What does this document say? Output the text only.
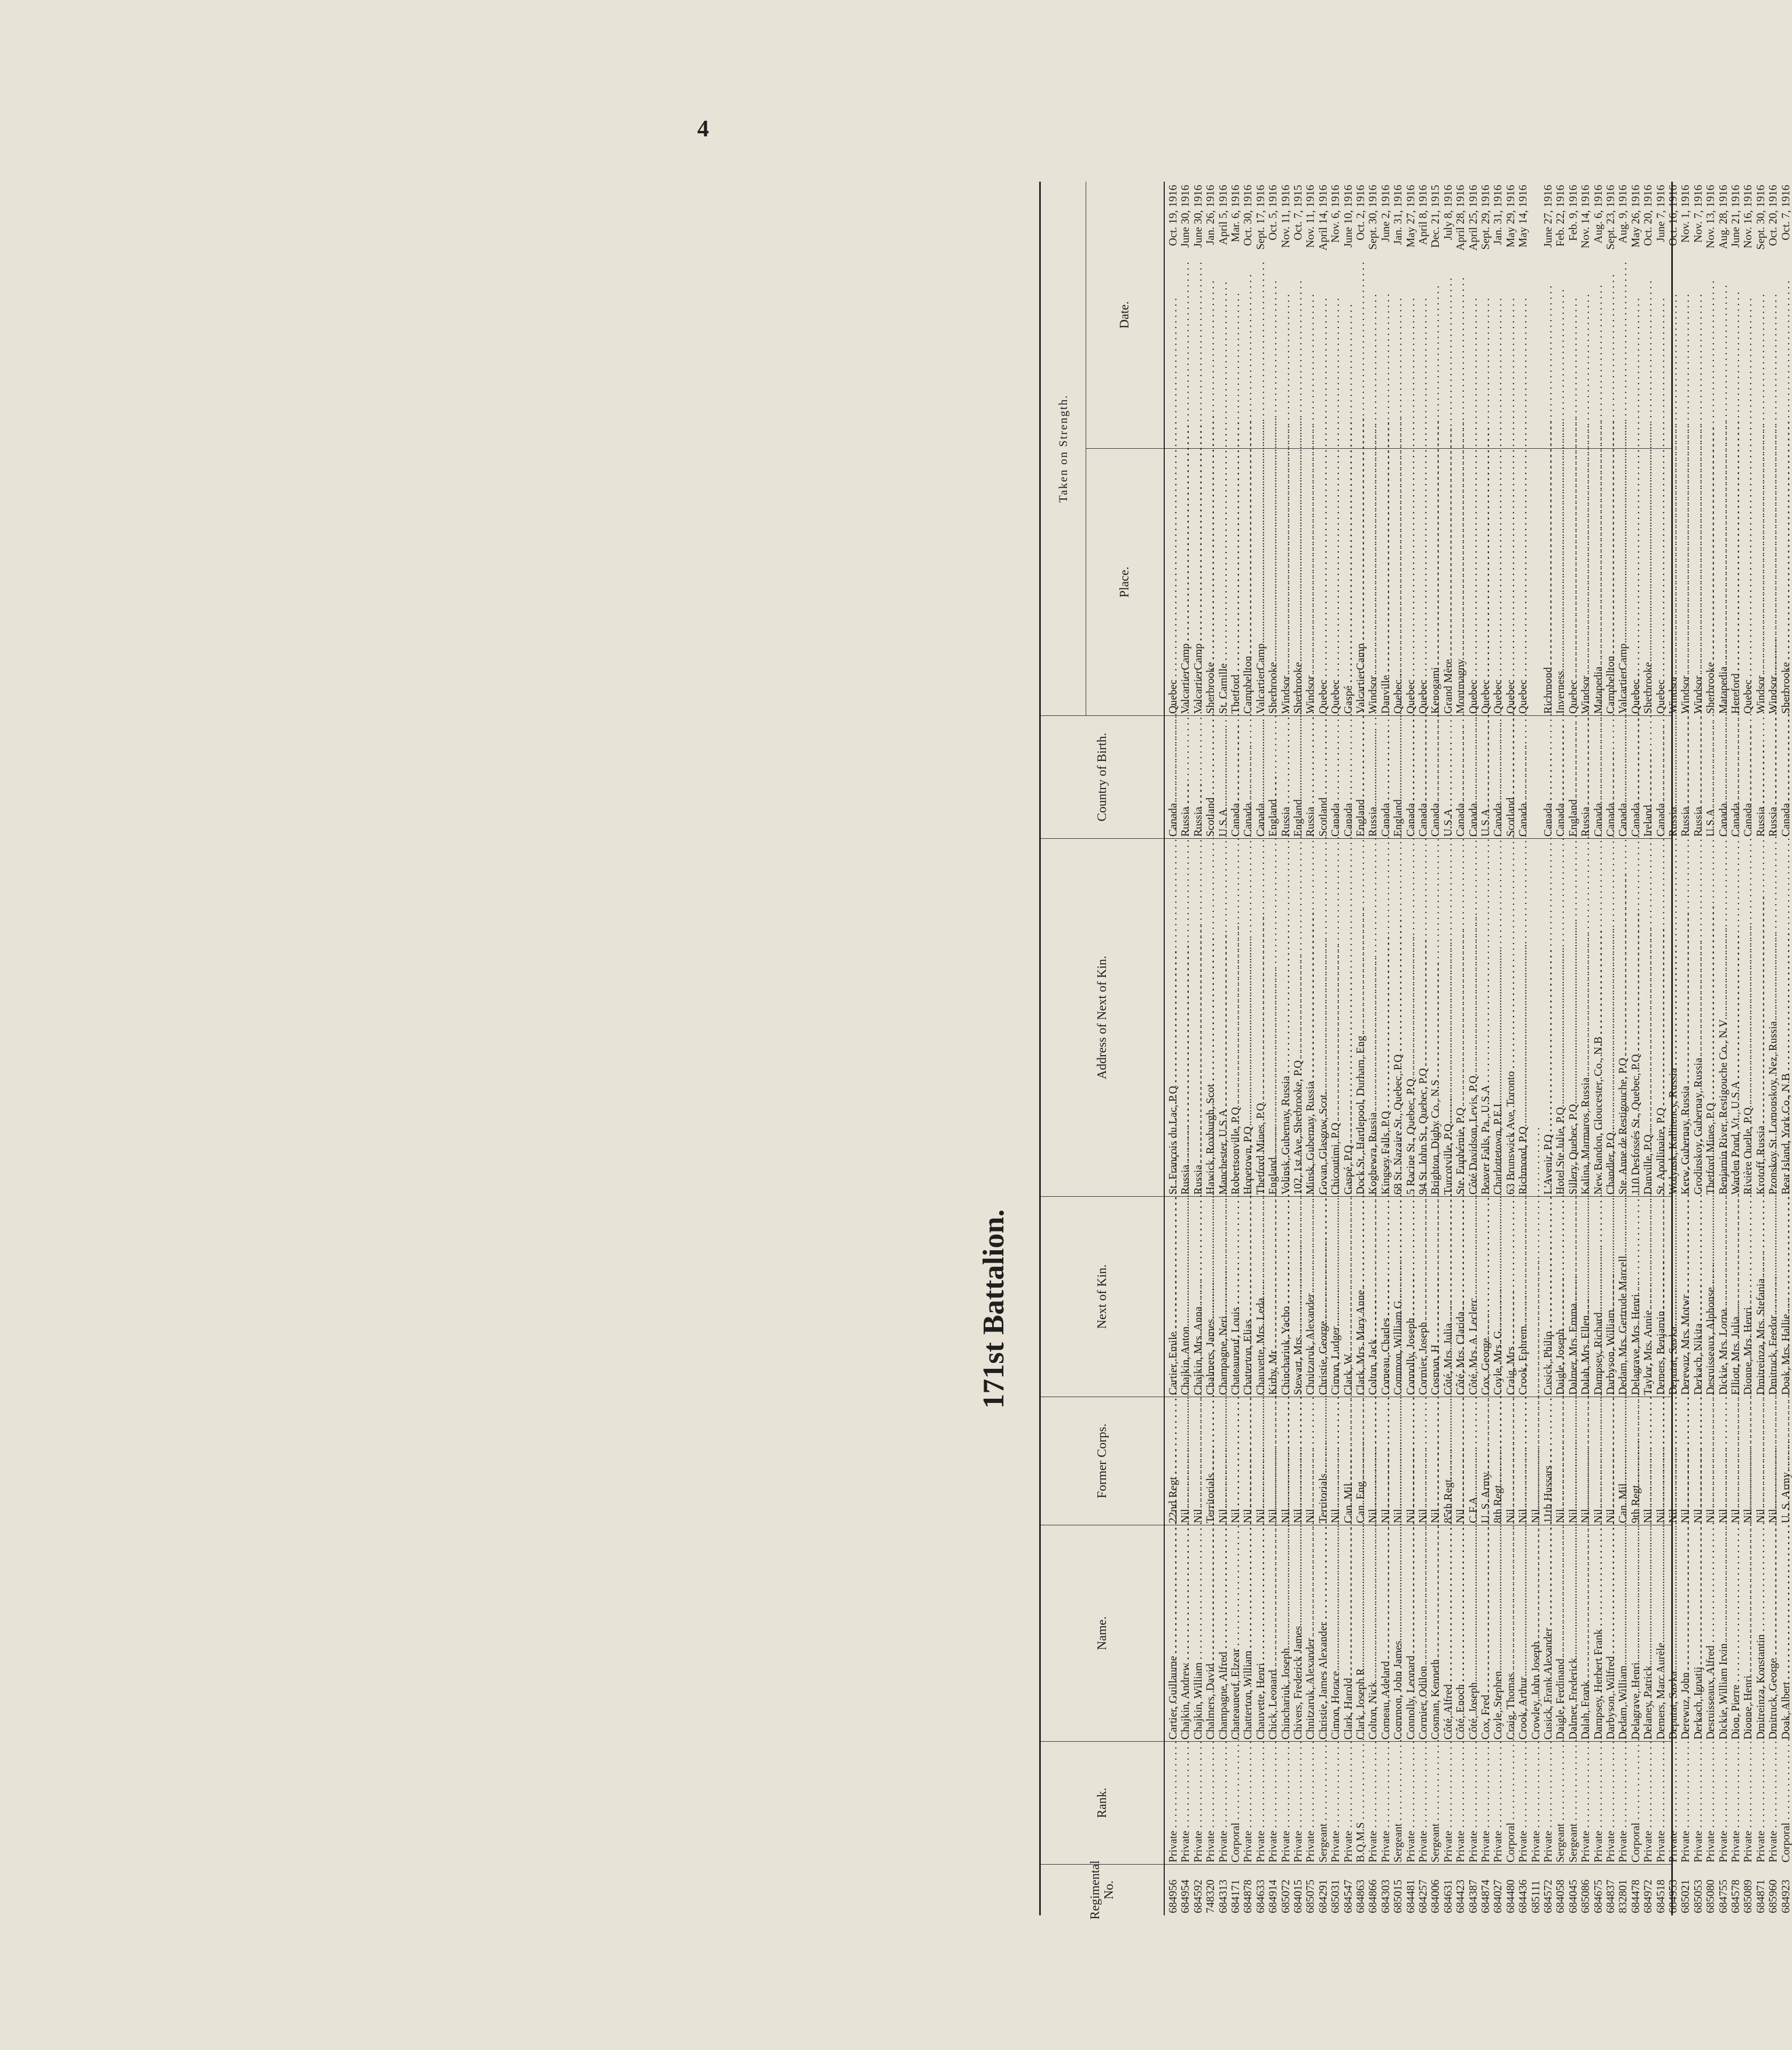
4
171st Battalion.
Regimental No.
Rank.
Name.
Former Corps.
Next of Kin.
Address of Next of Kin.
Country of Birth.
Taken on Strength.
Place.
Date.
684956
Private . . .
Cartier, Guillaume . . .
22nd Regt . . .
Cartier, Emile . . .
St. François du Lac, P.Q . . .
Canada . . .
Quebec . . .
Oct. 19, 1916
684954
Private . . .
Chajkin, Andrew . . .
Nil . . .
Chajkin, Anton . . .
Russia . . .
Russia . . .
ValcartierCamp . . .
June 30, 1916
684592
Private . . .
Chajkin, William . . .
Nil . . .
Chajkin, Mrs. Anna . . .
Russia . . .
Russia . . .
ValcartierCamp . . .
June 30, 1916
748320
Private . . .
Chalmers, David . . .
Territorials . . .
Chalmers, James . . .
Hawick, Roxburgh, Scot . . .
Scotland . . .
Sherbrooke . . .
Jan. 26, 1916
684313
Private . . .
Champagne, Alfred . . .
Nil . . .
Champagne, Neri . . .
Manchester, U.S.A . . .
U.S.A . . .
St. Camille . . .
April 5, 1916
684171
Corporal . . .
Chateauneuf, Elzear . . .
Nil . . .
Chateauneuf, Louis . . .
Robertsonville, P.Q . . .
Canada . . .
Thetford . . .
Mar. 6, 1916
684878
Private . . .
Chatterton, William . . .
Nil . . .
Chatterton, Elias . . .
Hopetown, P.Q . . .
Canada . . .
Campbellton . . .
Oct. 30, 1916
684633
Private . . .
Chauvette, Henri . . .
Nil . . .
Chauvette, Mrs. Leda . . .
Thetford Mines, P.Q . . .
Canada . . .
ValcartierCamp . . .
Sept. 17, 1916
684914
Private . . .
Chick, Leonard . . .
Nil . . .
Kirby, Mr . . .
England . . .
England . . .
Sherbrooke . . .
Oct. 5, 1916
685072
Private . . .
Chinchariuk, Joseph . . .
Nil . . .
Chinchariuk, Yacho . . .
Volinsk, Gubernay, Russia . . .
Russia . . .
Windsor . . .
Nov. 11, 1916
684015
Private . . .
Chivers, Frederick James . . .
Nil . . .
Stewart, Mrs . . .
102, 1st Ave, Sherbrooke, P.Q . . .
England . . .
Sherbrooke . . .
Oct. 7, 1915
685075
Private . . .
Chnitzaruk, Alexander . . .
Nil . . .
Chnitzaruk, Alexander . . .
Minsk, Gubernay, Russia . . .
Russia . . .
Windsor . . .
Nov. 11, 1916
684291
Sergeant . . .
Christie, James Alexander . . .
Territorials . . .
Christie, George . . .
Govan, Glasgow, Scot . . .
Scotland . . .
Quebec . . .
April 14, 1916
685031
Private . . .
Cimon, Horace . . .
Nil . . .
Cimon, Ludger . . .
Chicoutimi, P.Q . . .
Canada . . .
Quebec . . .
Nov. 6, 1916
684547
Private . . .
Clark, Harold . . .
Can. Mil . . .
Clark, W. . . .
Gaspé, P.Q . . .
Canada . . .
Gaspé . . .
June 10, 1916
684863
B.Q.M.S . . .
Clark, Joseph R . . .
Can. Eng . . .
Clark, Mrs. Mary Anne . . .
Dock St., Hartlepool, Durham, Eng . . .
England . . .
ValcartierCamp . . .
Oct. 2, 1916
684866
Private . . .
Colton, Nick . . .
Nil . . .
Colton, Jack . . .
Koghewra, Russia . . .
Russia . . .
Windsor . . .
Sept. 30, 1916
684303
Private . . .
Comeau, Adelard . . .
Nil . . .
Comeau, Charles . . .
Kingsey Falls, P.Q . . .
Canada . . .
Danville . . .
June 2, 1916
685015
Sergeant . . .
Common, John James . . .
Nil . . .
Common, William G . . .
68 St. Nazaire St., Quebec, P.Q . . .
England . . .
Quebec . . .
Jan. 31, 1916
684481
Private . . .
Connolly, Leonard . . .
Nil . . .
Connolly, Joseph . . .
5 Racine St., Quebec, P.Q . . .
Canada . . .
Quebec . . .
May 27, 1916
684257
Private . . .
Cormier, Odilon . . .
Nil . . .
Cormier, Joseph . . .
94 St. John St., Quebec, P.Q . . .
Canada . . .
Quebec . . .
April 8, 1916
684006
Sergeant . . .
Cosman, Kenneth . . .
Nil . . .
Cosman, H . . .
Brighton, Digby Co., N.S . . .
Canada . . .
Kenogami . . .
Dec. 21, 1915
684631
Private . . .
Côté, Alfred . . .
85th Regt . . .
Côté, Mrs. Julia . . .
Turcotville, P.Q . . .
U.S.A . . .
Grand Mère . . .
July 8, 1916
684423
Private . . .
Côté, Enoch . . .
Nil . . .
Côté, Mrs. Clarida . . .
Ste. Euphémie, P.Q . . .
Canada . . .
Montmagny . . .
April 28, 1916
684387
Private . . .
Côté, Joseph . . .
C.F.A . . .
Côté, Mrs. A. Leclerc . . .
Côté Davidson, Levis, P.Q . . .
Canada . . .
Quebec . . .
April 25, 1916
684874
Private . . .
Cox, Fred . . .
U. S. Army . . .
Cox, George . . .
Beaver Falls, Pa., U.S.A . . .
U.S.A . . .
Quebec . . .
Sept. 29, 1916
684027
Private . . .
Coyle, Stephen . . .
8th Regt . . .
Coyle, Mrs. G . . .
Charlottetown, P.E.I . . .
Canada . . .
Quebec . . .
Jan. 31, 1916
684480
Corporal . . .
Craig, Thomas . . .
Nil . . .
Craig, Mrs . . .
63 Brunswick Ave, Toronto . . .
Scotland . . .
Quebec . . .
May 29, 1916
684436
Private . . .
Crook, Arthur . . .
Nil . . .
Crook, Ephrem . . .
Richmond, P.Q . . .
Canada . . .
Quebec . . .
May 14, 1916
685111
Private . . .
Crowley, John Joseph . . .
Nil . . .
684572
Private . . .
Cusick, Frank Alexander . . .
11th Hussars . . .
Cusick, Philip . . .
L'Avenir, P.Q . . .
Canada . . .
Richmond . . .
June 27, 1916
684058
Sergeant . . .
Daigle, Ferdinand . . .
Nil . . .
Daigle, Joseph . . .
Hotel Ste Julie, P.Q . . .
Canada . . .
Inverness . . .
Feb. 22, 1916
684045
Sergeant . . .
Dalmer, Frederick . . .
Nil . . .
Dalmer, Mrs. Emma . . .
Sillery, Quebec, P.Q . . .
England . . .
Quebec . . .
Feb. 9, 1916
685086
Private . . .
Dalah, Frank . . .
Nil . . .
Dalah, Mrs. Ellen . . .
Kalina, Marmaros, Russia . . .
Russia . . .
Windsor . . .
Nov. 14, 1916
684675
Private . . .
Dampsey, Herbert Frank . . .
Nil . . .
Dampsey, Richard . . .
New Bandon, Gloucester, Co., N.B . . .
Canada . . .
Matapedia . . .
Aug. 6, 1916
684837
Private . . .
Darbyson, Wilfred . . .
Nil . . .
Darbyson, William . . .
Chandler, P.Q . . .
Canada . . .
Campbellton . . .
Sept. 23, 1916
832801
Private . . .
Dedam, William . . .
Can. Mil . . .
Dedam, Mrs. Gertrude Marcell . . .
Ste. Anne de Restigouche, P.Q . . .
Canada . . .
ValcartierCamp . . .
Aug. 9, 1916
684478
Corporal . . .
Delagrave, Henri . . .
9th Regt . . .
Delagrave, Mrs. Henri . . .
110 Desfossés St., Quebec, P.Q . . .
Canada . . .
Quebec . . .
May 26, 1916
684972
Private . . .
Delaney, Patrick . . .
Nil . . .
Taylor, Mrs. Annie . . .
Danville, P.Q . . .
Ireland . . .
Sherbrooke . . .
Oct. 20, 1916
684518
Private . . .
Demers, Marc Aurèle . . .
Nil . . .
Demers, Benjamin . . .
St. Apollinaire, P.Q . . .
Canada . . .
Quebec . . .
June 7, 1916
684953
Private . . .
Deputat, Savka . . .
Nil . . .
Deputat, Savka . . .
Wolynsk, Kallitency, Russia . . .
Russia . . .
Windsor . . .
Oct. 16, 1916
685021
Private . . .
Derewuz, John . . .
Nil . . .
Derewuz, Mrs. Motwr . . .
Kerw, Gubernay, Russia . . .
Russia . . .
Windsor . . .
Nov. 1, 1916
685053
Private . . .
Derkach, Ignatij . . .
Nil . . .
Derkach, Nikita . . .
Grodinskoy, Gubernay, Russia . . .
Russia . . .
Windsor . . .
Nov. 7, 1916
685080
Private . . .
Desruisseaux, Alfred . . .
Nil . . .
Desruisseaux, Alphonse . . .
Thetford Mines, P.Q . . .
U.S.A . . .
Sherbrooke . . .
Nov. 13, 1916
684755
Private . . .
Dickie, William Irvin . . .
Nil . . .
Dickie, Mrs. Lorna . . .
Benjamin River, Restigouche Co., N.V . . .
Canada . . .
Matapedia . . .
Aug. 28, 1916
684578
Private . . .
Dion, Pierre . . .
Nil . . .
Elliott, Mrs. Julia . . .
Warden Pond, Vt., U.S.A . . .
Canada . . .
Hereford . . .
June 21, 1916
685089
Private . . .
Dionne, Henri . . .
Nil . . .
Dionne, Mrs. Henri . . .
Rivière Ouelle, P.Q . . .
Canada . . .
Quebec . . .
Nov. 16, 1916
684871
Private . . .
Dmitreinza, Konstantin . . .
Nil . . .
Dmitreinza, Mrs. Stefania . . .
Krotoff, Russia . . .
Russia . . .
Windsor . . .
Sept. 30, 1916
685960
Private . . .
Dmitruck, George . . .
Nil . . .
Dmitruck, Feedor . . .
Pzonskoy St. Lomonskoy, Nez, Russia . . .
Russia . . .
Windsor . . .
Oct. 20, 1916
684923
Corporal . . .
Doak, Albert . . .
U. S. Army . . .
Doak, Mrs. Hallie . . .
Bear Island, York Co., N.B . . .
Canada . . .
Sherbrooke . . .
Oct. 7, 1916
